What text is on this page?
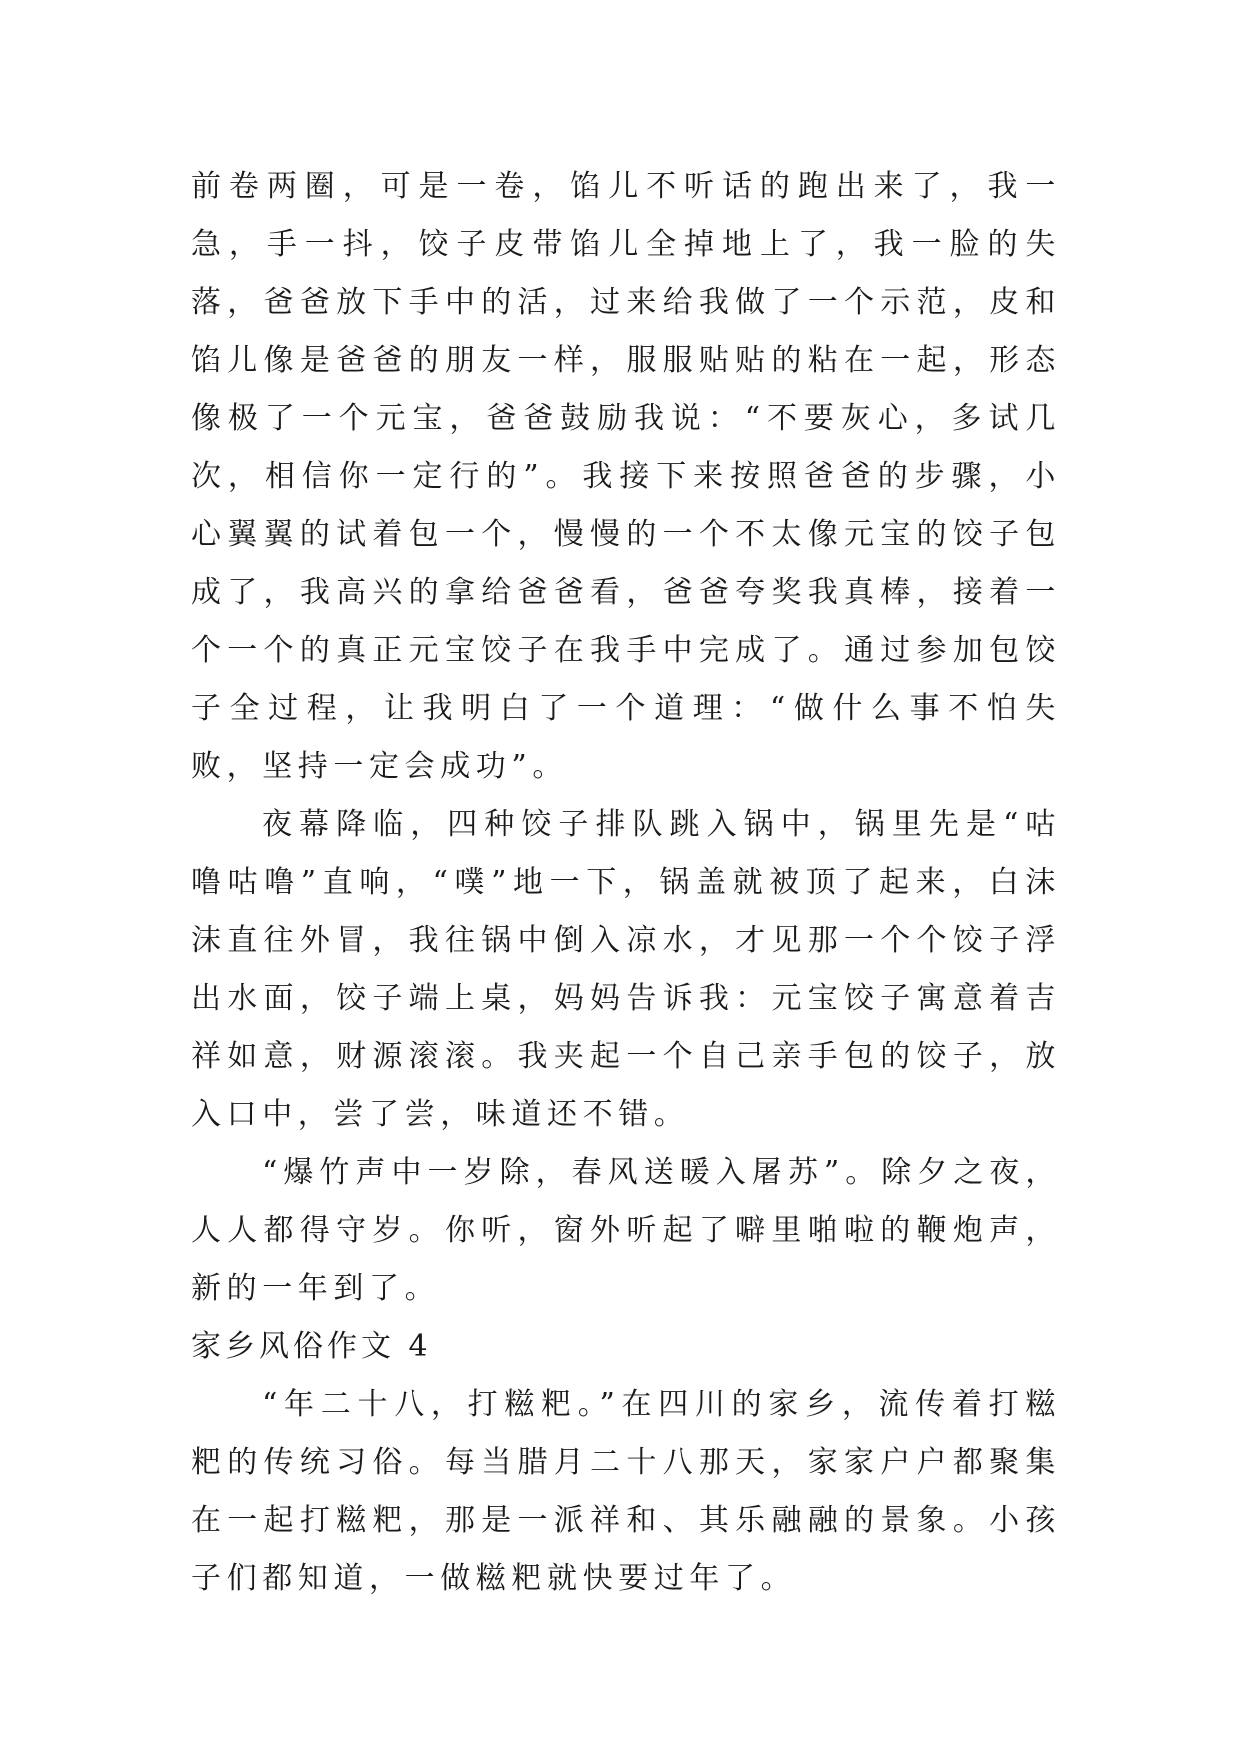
前卷两圈，可是一卷，馅儿不听话的跑出来了，我一急，手一抖，饺子皮带馅儿全掉地上了，我一脸的失落，爸爸放下手中的活，过来给我做了一个示范，皮和馅儿像是爸爸的朋友一样，服服贴贴的粘在一起，形态像极了一个元宝，爸爸鼓励我说：“不要灰心，多试几次，相信你一定行的”。我接下来按照爸爸的步骤，小心翼翼的试着包一个，慢慢的一个不太像元宝的饺子包成了，我高兴的拿给爸爸看，爸爸夸奖我真棒，接着一个一个的真正元宝饺子在我手中完成了。通过参加包饺子全过程，让我明白了一个道理：“做什么事不怕失败，坚持一定会成功”。

夜幕降临，四种饺子排队跳入锅中，锅里先是“咕噜咕噜”直响，“噗”地一下，锅盖就被顶了起来，白沫沫直往外冒，我往锅中倒入凉水，才见那一个个饺子浮出水面，饺子端上桌，妈妈告诉我：元宝饺子寓意着吉祥如意，财源滚滚。我夹起一个自己亲手包的饺子，放入口中，尝了尝，味道还不错。

“爆竹声中一岁除，春风送暖入屠苏”。除夕之夜，人人都得守岁。你听，窗外听起了噼里啪啦的鞭炮声，新的一年到了。

家乡风俗作文 4

“年二十八，打糍粑。”在四川的家乡，流传着打糍粑的传统习俗。每当腊月二十八那天，家家户户都聚集在一起打糍粑，那是一派祥和、其乐融融的景象。小孩子们都知道，一做糍粑就快要过年了。
